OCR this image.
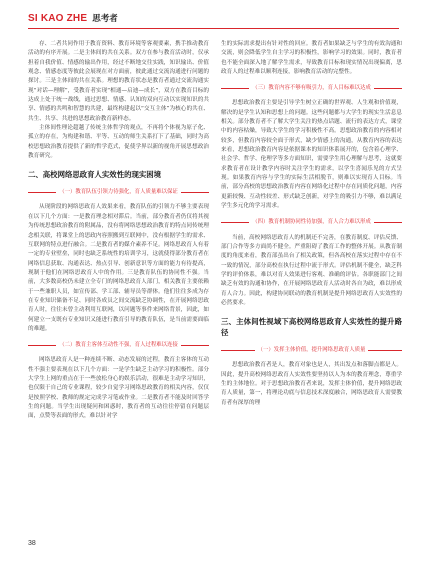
SI KAO ZHE 思考者

存、二者共同作用于教育资料、教育环境等客观要素，携手推动教育活动的有序开展。二是主体间的共在关系。双方在参与教育活动时，仅承担着自我价值、情感的输出作用，经过不断地交往实践，知识输出、价值观念、情感态度等彼此会展现在对方面前，彼此通过交流沟通进行问题的探讨。三是主体间的共在关系。理想的教育状态是教育者通过交流沟通实现“对话—理解”，受教育者实现“相通—启迪—成长”，双方在教育目标的达成上处于统一战线，通过思想、情感、认知的双向互动以实现知识的共享、情感的共鸣和智慧的共建，最终构建起以“交互主体”为核心的共在、共生、共享、共进的思想政治教育新样态。

主体间性理论超越了传统主体哲学的观点，不再将个体视为原子化、孤立的存在，为构建和谐、平等、互动的师生关系打下了基础，同时为高校思想政治教育提供了新的哲学范式，促使学界以新的视角开展思想政治教育研究。

二、高校网络思政育人实效性的现实困境
（一）教育队伍引领力待强化，育人质量难以保证

从现阶段的网络思政育人效果来看，教育队伍的引领力不够主要表现在以下几个方面：一是教育理念相对滞后。当前，部分教育者仍仅将其视为传统思想政治教育的附属品，没有将网络思想政治教育的特点同传统理念相关联，将课堂上的思政内容照搬到互联网中，没有根据学生的需求、互联网的特点进行融合。二是教育者的媒介素养不足。网络思政育人有着一定的专业壁垒，同时也缺乏系统性的培训学习，这就使得部分教育者在网络信息获取、沟通表达、热点引导、创新意识等方面的能力有待提高，现制于他们在网络思政育人中的作用。三是教育队伍的协同性不强。当前，大多数高校仍未建立全专门的网络思政育人部门，相关教育主要依赖于一些兼职人员，如宣传部、学工部、辅导员等群体。他们往往多成为存在专业知识储备不足、同时各成员之间交流缺乏协调性，在开展网络思政育人时，往往未曾主动利用互联网，以问题等事件来网络背景，因此，如何建立一支既有专业知识又能进行教育引导的教育队伍，是当前需要面临的难题。

（二）教育主客体互动性不强，育人过程难以连接

网络思政育人是一种连续不断、动态发展的过程，教育主客体的互动性不强主要表现在以下几个方面：一是学生缺乏主动学习的积极性。部分大学生上网的重点在于一些放松身心的娱乐活动，很难是主动学习知识，也仅限于自己的专业课程，较少自觉学习网络思政教育的相关内容，仅仅是按照学校、教师的规定完成学习笔或作业。二是教育者不能及时回答学生的问题。当学生出现疑问和困惑时，教育者的互动往往停留在问题层面，点赞等表面的形式，难以针对学

生的实际需求提出有针对性的回应。教育者如果缺乏与学生的有效沟通和交流，则会降低学生自主学习的积极性，影响学习的效果。同时，教育者也不能全面深入地了解学生需求，导致教育目标和现实情况出现偏离，思政育人的过程难以顺利连接，影响教育活动的完整性。

（三）教育内容不够有吸引力，育人目标难以达成

思想政治教育主要是引导学生树立正确的世界观、人生观和价值观，解决的是学生认知和思想上的问题。这些问题都与大学生的现实生活息息相关。部分教育者不了解大学生关注的热点话题、流行的表达方式，课堂中的内容枯燥，导致大学生的学习积极性不高。思想政治教育的内容相对较多，但教育内容较全面于形式，缺少情感上的沟通，从教育内容的表达来看，思想政治教育内容是依据课本的知识体系展开的，包含着心理学、社会学、哲学、伦理学等多方面知识，需要学生用心理解与思考，这就要求教育者在设计教学内容时关注学生的需求，以学生喜闻乐见的方式呈现。如果教育内容与学生的实际生活相脱节，则难以实现育人目标。当前，部分高校的思想政治教育内容在网络化过程中存在同质化问题，内容更新较慢、互动性较差、形式缺乏创新，对学生的吸引力不够，难以满足学生多元化的学习需求。

（四）教育机制协同性待加强，育人合力难以形成

当前，高校网络思政育人的机制还不完善，在教育制度、评估反馈、部门合作等多方面尚不健全。严重阻碍了教育工作的整体开展。从教育制度的角度来看，教育部虽出台了相关政策，但各高校在落实过程中存在不一致的情况，部分高校在执行过程中流于形式。评估机制不健全，缺乏科学的评价体系，难以对育人效果进行客观、准确的评估。各职能部门之间缺乏有效的沟通和协作，在开展网络思政育人活动时各自为政，难以形成育人合力。因此，构建协同联动的教育机制是提升网络思政育人实效性的必然要求。

三、主体间性视域下高校网络思政育人实效性的提升路径
（一）发挥主体价值，提升网络思政育人质量

思想政治教育者是人，教育对象也是人，其出发点和落脚点都是人。因此，提升高校网络思政育人实效性要坚持以人为本的教育理念，尊重学生的主体地位。对于思想政治教育者来说，发挥主体价值，提升网络思政育人质量，第一，将理论功底与信息技术深度融合，网络思政育人需要教育者有深厚的理

38
